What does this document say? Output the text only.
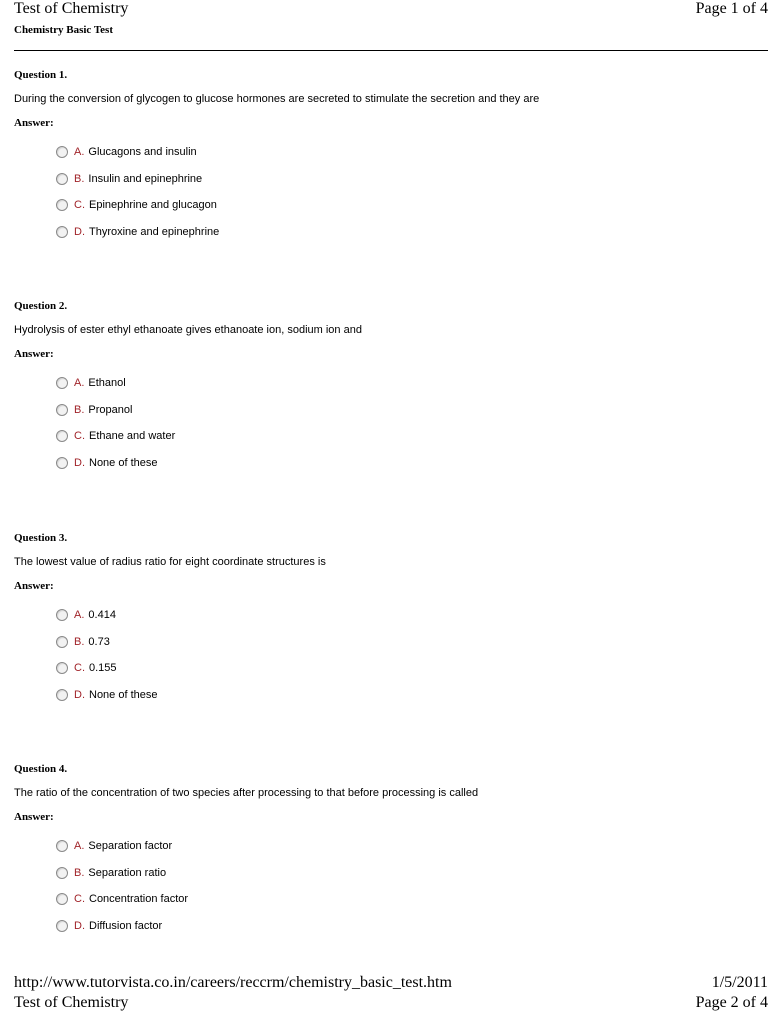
Test of Chemistry	Page 1 of 4
Chemistry Basic Test
Question 1.
During the conversion of glycogen to glucose hormones are secreted to stimulate the secretion and they are
Answer:
A. Glucagons and insulin
B. Insulin and epinephrine
C. Epinephrine and glucagon
D. Thyroxine and epinephrine
Question 2.
Hydrolysis of ester ethyl ethanoate gives ethanoate ion, sodium ion and
Answer:
A. Ethanol
B. Propanol
C. Ethane and water
D. None of these
Question 3.
The lowest value of radius ratio for eight coordinate structures is
Answer:
A. 0.414
B. 0.73
C. 0.155
D. None of these
Question 4.
The ratio of the concentration of two species after processing to that before processing is called
Answer:
A. Separation factor
B. Separation ratio
C. Concentration factor
D. Diffusion factor
http://www.tutorvista.co.in/careers/reccrm/chemistry_basic_test.htm	1/5/2011
Test of Chemistry	Page 2 of 4
